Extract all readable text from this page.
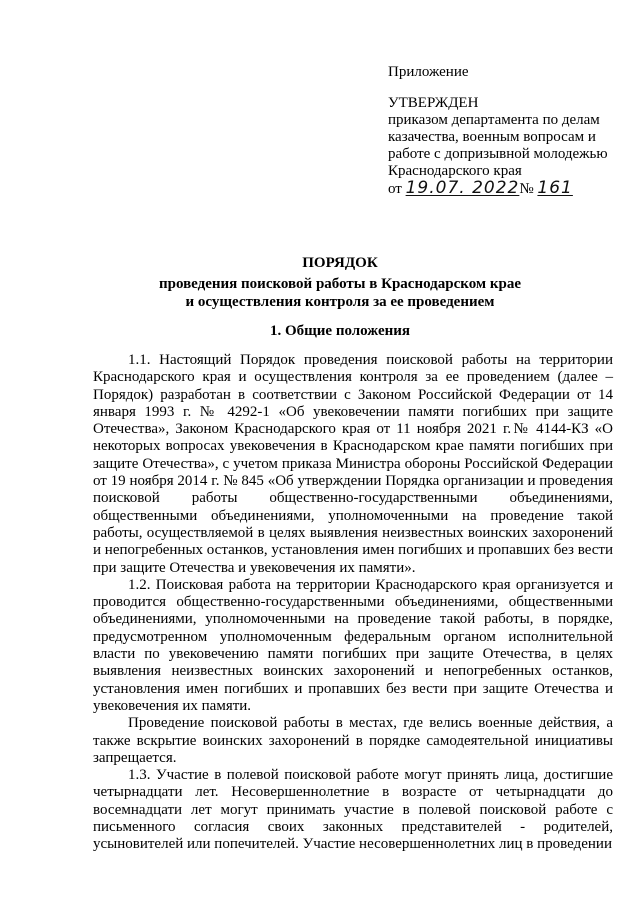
Приложение
УТВЕРЖДЕН
приказом департамента по делам
казачества, военным вопросам и
работе с допризывной молодежью
Краснодарского края
от 19.07. 2022№ 161
ПОРЯДОК
проведения поисковой работы в Краснодарском крае
и осуществления контроля за ее проведением
1. Общие положения

1.1. Настоящий Порядок проведения поисковой работы на территории Краснодарского края и осуществления контроля за ее проведением (далее – Порядок) разработан в соответствии с Законом Российской Федерации от 14 января 1993 г. № 4292-1 «Об увековечении памяти погибших при защите Отечества», Законом Краснодарского края от 11 ноября 2021 г.№ 4144-КЗ «О некоторых вопросах увековечения в Краснодарском крае памяти погибших при защите Отечества», с учетом приказа Министра обороны Российской Федерации от 19 ноября 2014 г. № 845 «Об утверждении Порядка организации и проведения поисковой работы общественно-государственными объединениями, общественными объединениями, уполномоченными на проведение такой работы, осуществляемой в целях выявления неизвестных воинских захоронений и непогребенных останков, установления имен погибших и пропавших без вести при защите Отечества и увековечения их памяти».

1.2. Поисковая работа на территории Краснодарского края организуется и проводится общественно-государственными объединениями, общественными объединениями, уполномоченными на проведение такой работы, в порядке, предусмотренном уполномоченным федеральным органом исполнительной власти по увековечению памяти погибших при защите Отечества, в целях выявления неизвестных воинских захоронений и непогребенных останков, установления имен погибших и пропавших без вести при защите Отечества и увековечения их памяти.

Проведение поисковой работы в местах, где велись военные действия, а также вскрытие воинских захоронений в порядке самодеятельной инициативы запрещается.

1.3. Участие в полевой поисковой работе могут принять лица, достигшие четырнадцати лет. Несовершеннолетние в возрасте от четырнадцати до восемнадцати лет могут принимать участие в полевой поисковой работе с письменного согласия своих законных представителей - родителей, усыновителей или попечителей. Участие несовершеннолетних лиц в проведении
